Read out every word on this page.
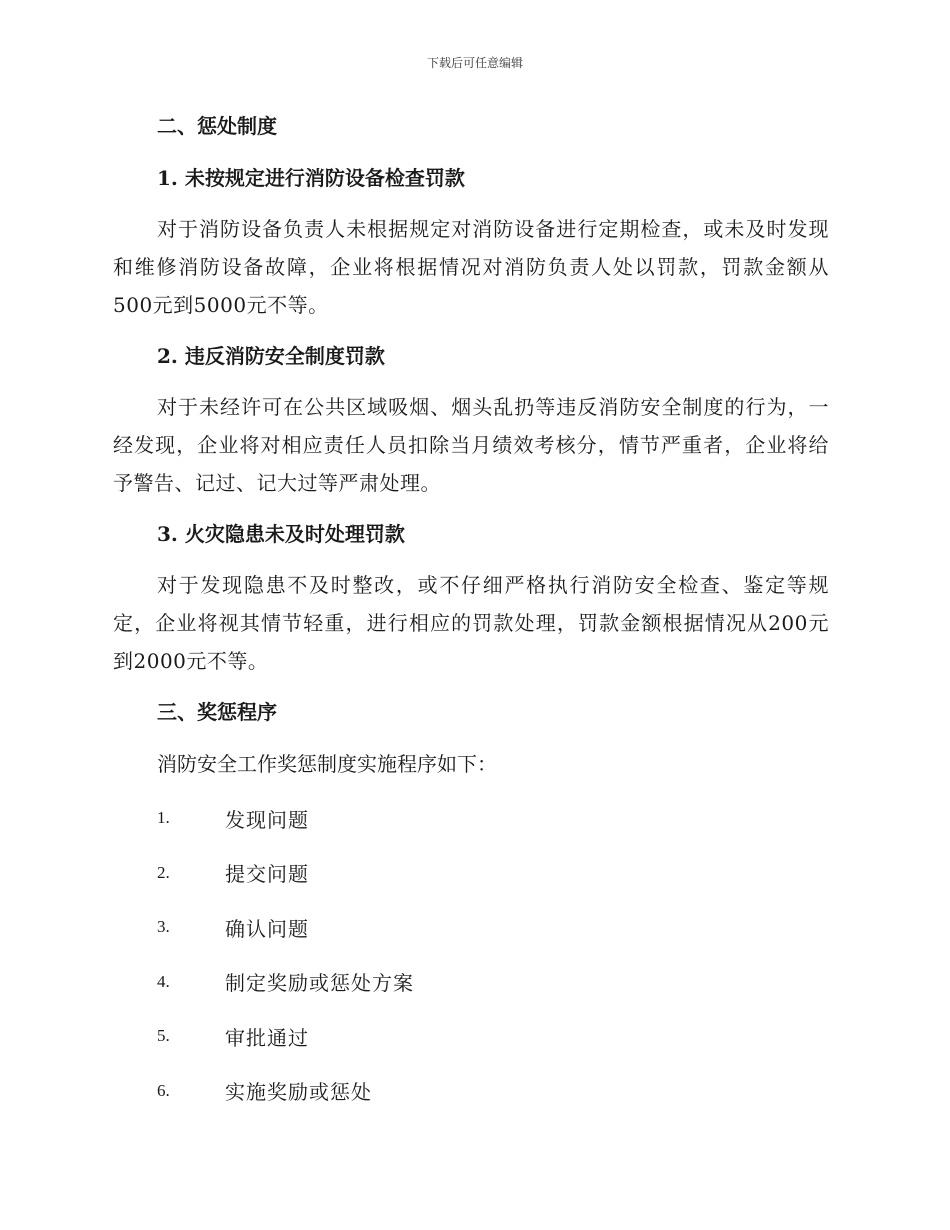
下载后可任意编辑
二、惩处制度
1. 未按规定进行消防设备检查罚款

对于消防设备负责人未根据规定对消防设备进行定期检查，或未及时发现和维修消防设备故障，企业将根据情况对消防负责人处以罚款，罚款金额从500元到5000元不等。

2. 违反消防安全制度罚款

对于未经许可在公共区域吸烟、烟头乱扔等违反消防安全制度的行为，一经发现，企业将对相应责任人员扣除当月绩效考核分，情节严重者，企业将给予警告、记过、记大过等严肃处理。

3. 火灾隐患未及时处理罚款

对于发现隐患不及时整改，或不仔细严格执行消防安全检查、鉴定等规定，企业将视其情节轻重，进行相应的罚款处理，罚款金额根据情况从200元到2000元不等。

三、奖惩程序
消防安全工作奖惩制度实施程序如下：
1.	发现问题
2.	提交问题
3.	确认问题
4.	制定奖励或惩处方案
5.	审批通过
6.	实施奖励或惩处
